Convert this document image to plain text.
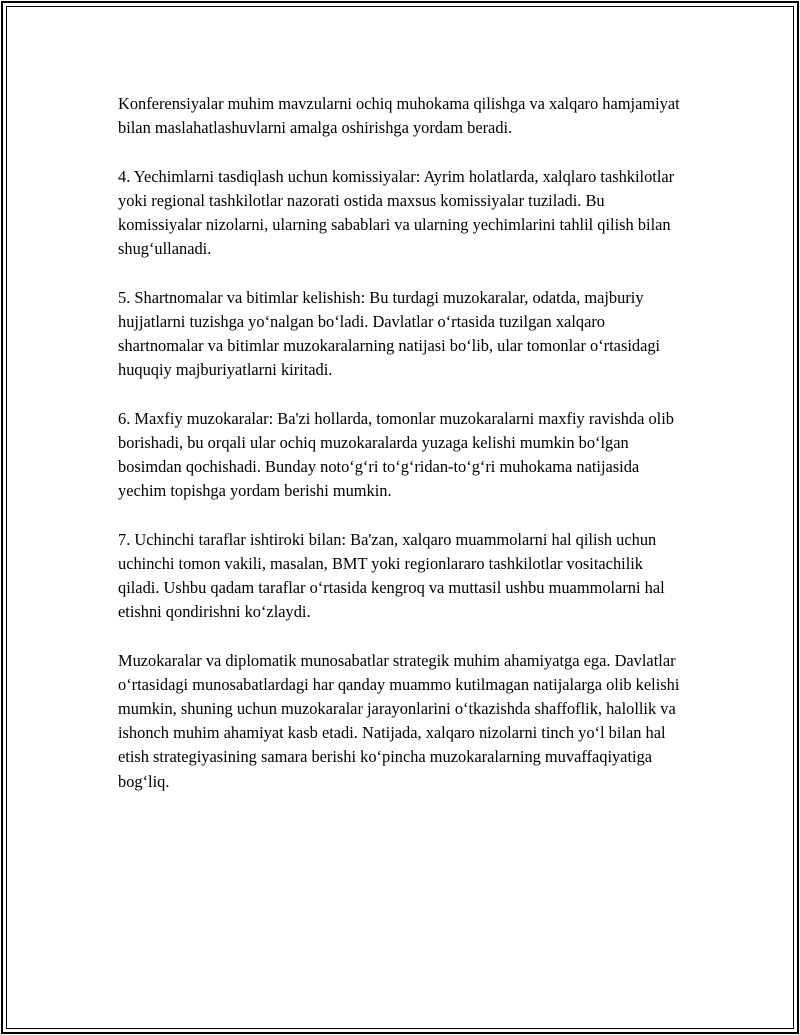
Konferensiyalar muhim mavzularni ochiq muhokama qilishga va xalqaro hamjamiyat bilan maslahatlashuvlarni amalga oshirishga yordam beradi.

4. Yechimlarni tasdiqlash uchun komissiyalar: Ayrim holatlarda, xalqlaro tashkilotlar yoki regional tashkilotlar nazorati ostida maxsus komissiyalar tuziladi. Bu komissiyalar nizolarni, ularning sabablari va ularning yechimlarini tahlil qilish bilan shug‘ullanadi.

5. Shartnomalar va bitimlar kelishish: Bu turdagi muzokaralar, odatda, majburiy hujjatlarni tuzishga yo‘nalgan bo‘ladi. Davlatlar o‘rtasida tuzilgan xalqaro shartnomalar va bitimlar muzokaralarning natijasi bo‘lib, ular tomonlar o‘rtasidagi huquqiy majburiyatlarni kiritadi.

6. Maxfiy muzokaralar: Ba'zi hollarda, tomonlar muzokaralarni maxfiy ravishda olib borishadi, bu orqali ular ochiq muzokaralarda yuzaga kelishi mumkin bo‘lgan bosimdan qochishadi. Bunday noto‘g‘ri to‘g‘ridan-to‘g‘ri muhokama natijasida yechim topishga yordam berishi mumkin.

7. Uchinchi taraflar ishtiroki bilan: Ba'zan, xalqaro muammolarni hal qilish uchun uchinchi tomon vakili, masalan, BMT yoki regionlararo tashkilotlar vositachilik qiladi. Ushbu qadam taraflar o‘rtasida kengroq va muttasil ushbu muammolarni hal etishni qondirishni ko‘zlaydi.

Muzokaralar va diplomatik munosabatlar strategik muhim ahamiyatga ega. Davlatlar o‘rtasidagi munosabatlardagi har qanday muammo kutilmagan natijalarga olib kelishi mumkin, shuning uchun muzokaralar jarayonlarini o‘tkazishda shaffoflik, halollik va ishonch muhim ahamiyat kasb etadi. Natijada, xalqaro nizolarni tinch yo‘l bilan hal etish strategiyasining samara berishi ko‘pincha muzokaralarning muvaffaqiyatiga bog‘liq.
